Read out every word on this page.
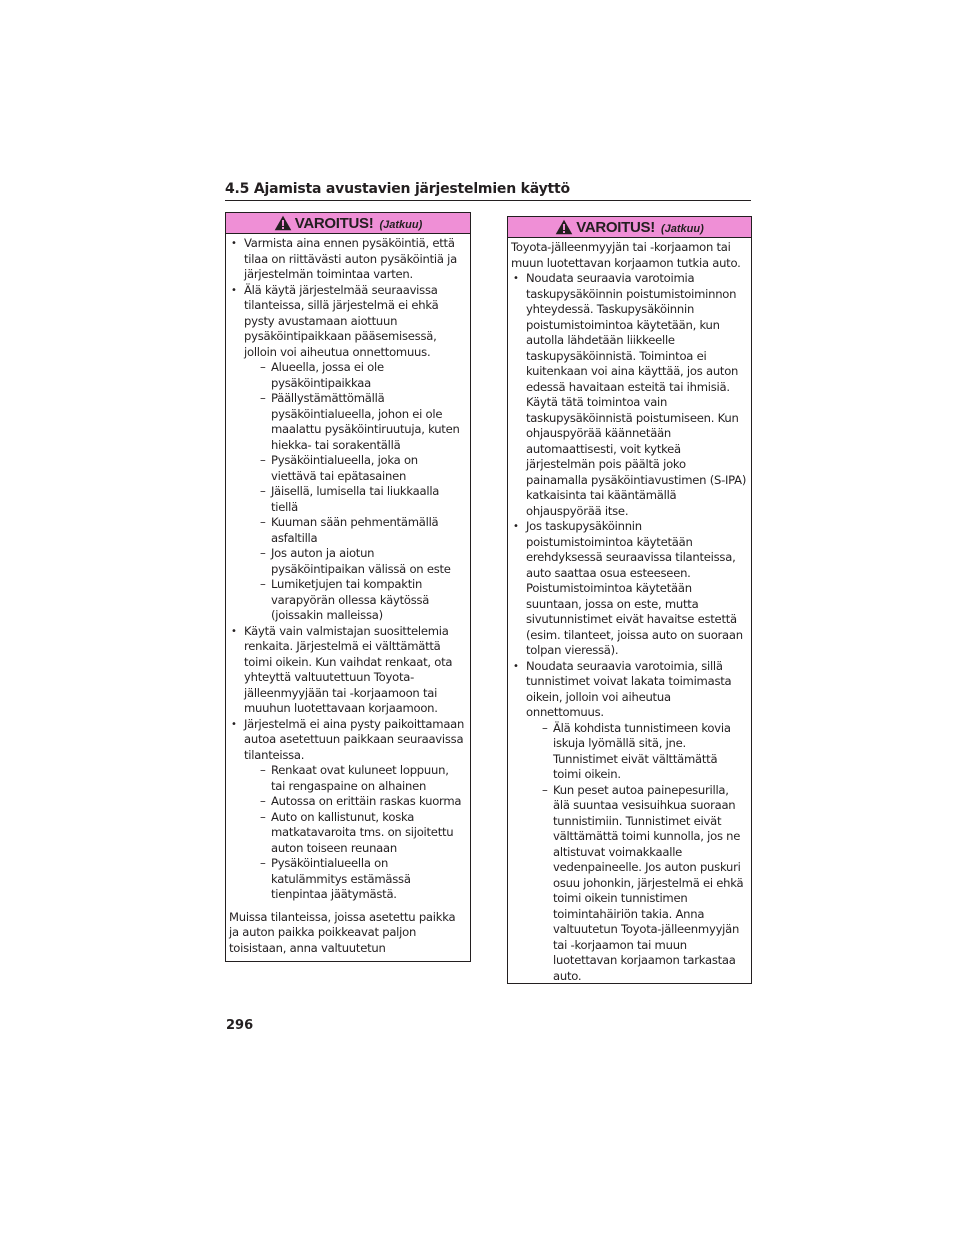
4.5 Ajamista avustavien järjestelmien käyttö
VAROITUS! (Jatkuu)
• Varmista aina ennen pysäköintiä, että tilaa on riittävästi auton pysäköintiä ja järjestelmän toimintaa varten.
• Älä käytä järjestelmää seuraavissa tilanteissa, sillä järjestelmä ei ehkä pysty avustamaan aiottuun pysäköintipaikkaan pääsemisessä, jolloin voi aiheutua onnettomuus.
– Alueella, jossa ei ole pysäköintipaikkaa
– Päällystämättömällä pysäköintialueella, johon ei ole maalattu pysäköintiruutuja, kuten hiekka- tai sorakentällä
– Pysäköintialueella, joka on viettävä tai epätasainen
– Jäisellä, lumisella tai liukkaalla tiellä
– Kuuman sään pehmentämällä asfaltilla
– Jos auton ja aiotun pysäköintipaikan välissä on este
– Lumiketjujen tai kompaktin varapyörän ollessa käytössä (joissakin malleissa)
• Käytä vain valmistajan suosittelemia renkaita. Järjestelmä ei välttämättä toimi oikein. Kun vaihdat renkaat, ota yhteyttä valtuutettuun Toyota-jälleenmyyjään tai -korjaamoon tai muuhun luotettavaan korjaamoon.
• Järjestelmä ei aina pysty paikoittamaan autoa asetettuun paikkaan seuraavissa tilanteissa.
– Renkaat ovat kuluneet loppuun, tai rengaspaine on alhainen
– Autossa on erittäin raskas kuorma
– Auto on kallistunut, koska matkatavaroita tms. on sijoitettu auton toiseen reunaan
– Pysäköintialueella on katulämmitys estämässä tienpintaa jäätymästä.

Muissa tilanteissa, joissa asetettu paikka ja auton paikka poikkeavat paljon toisistaan, anna valtuutetun

VAROITUS! (Jatkuu)

Toyota-jälleenmyyjän tai -korjaamon tai muun luotettavan korjaamon tutkia auto.

• Noudata seuraavia varotoimia taskupysäköinnin poistumistoiminnon yhteydessä. Taskupysäköinnin poistumistoimintoa käytetään, kun autolla lähdetään liikkeelle taskupysäköinnistä. Toimintoa ei kuitenkaan voi aina käyttää, jos auton edessä havaitaan esteitä tai ihmisiä. Käytä tätä toimintoa vain taskupysäköinnistä poistumiseen. Kun ohjauspyörää käännetään automaattisesti, voit kytkeä järjestelmän pois päältä joko painamalla pysäköintiavustimen (S-IPA) katkaisinta tai kääntämällä ohjauspyörää itse.
• Jos taskupysäköinnin poistumistoimintoa käytetään erehdyksessä seuraavissa tilanteissa, auto saattaa osua esteeseen. Poistumistoimintoa käytetään suuntaan, jossa on este, mutta sivutunnistimet eivät havaitse estettä (esim. tilanteet, joissa auto on suoraan tolpan vieressä).
• Noudata seuraavia varotoimia, sillä tunnistimet voivat lakata toimimasta oikein, jolloin voi aiheutua onnettomuus.
– Älä kohdista tunnistimeen kovia iskuja lyömällä sitä, jne. Tunnistimet eivät välttämättä toimi oikein.
– Kun peset autoa painepesurilla, älä suuntaa vesisuihkua suoraan tunnistimiin. Tunnistimet eivät välttämättä toimi kunnolla, jos ne altistuvat voimakkaalle vedenpaineelle. Jos auton puskuri osuu johonkin, järjestelmä ei ehkä toimi oikein tunnistimen toimintahäiriön takia. Anna valtuutetun Toyota-jälleenmyyjän tai -korjaamon tai muun luotettavan korjaamon tarkastaa auto.
296
